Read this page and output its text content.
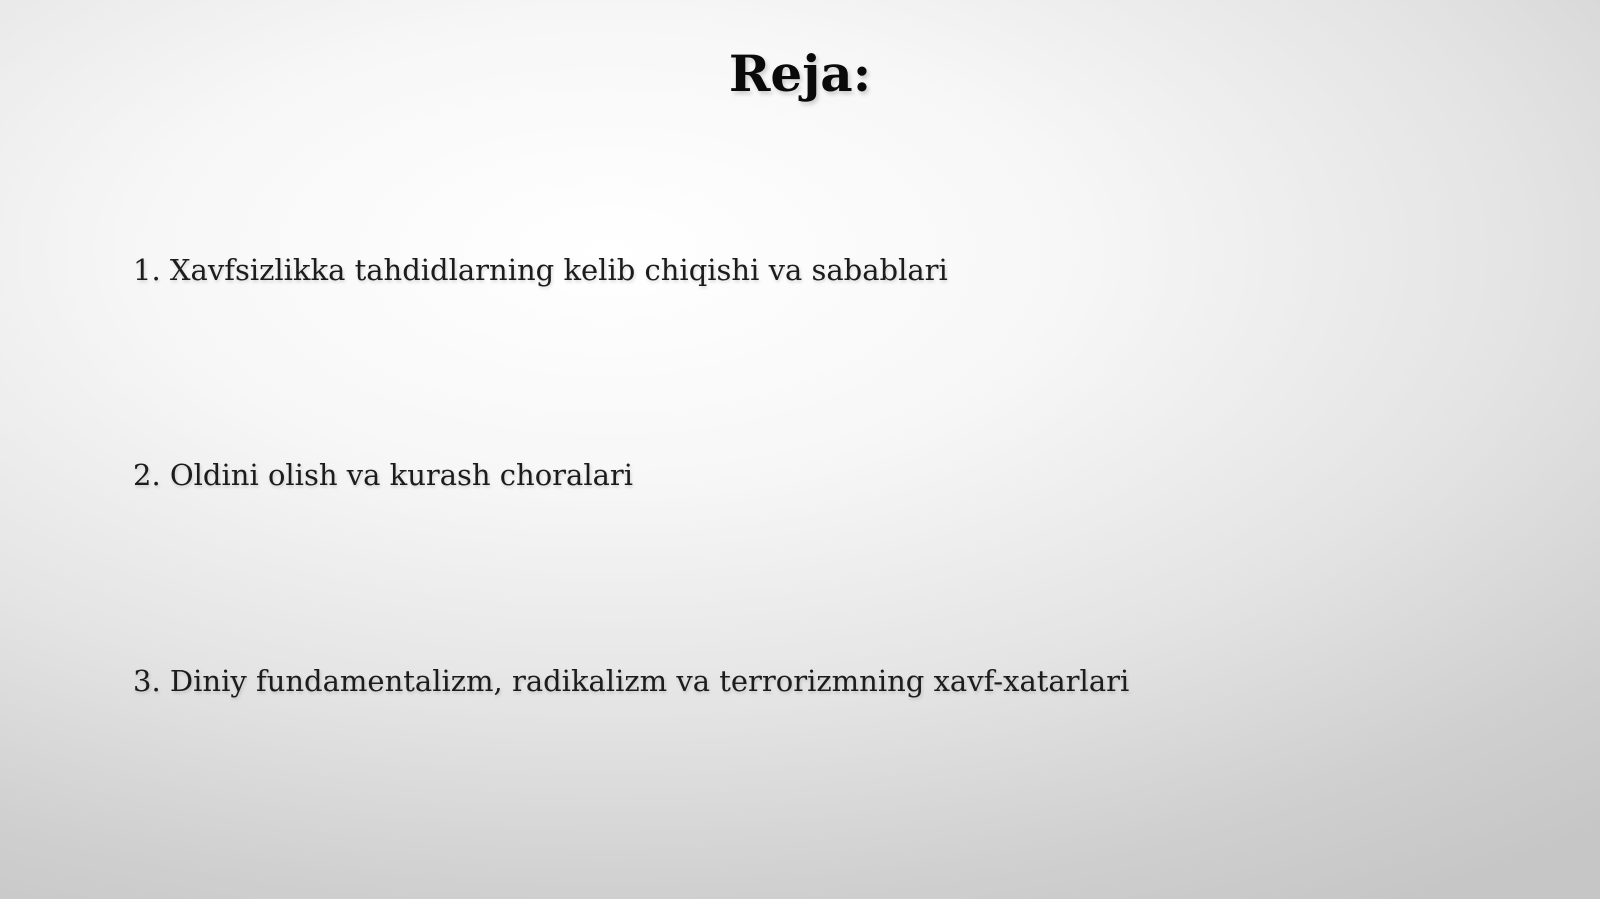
Reja:
1. Xavfsizlikka tahdidlarning kelib chiqishi va sabablari
2. Oldini olish va kurash choralari
3. Diniy fundamentalizm, radikalizm va terrorizmning xavf-xatarlari
